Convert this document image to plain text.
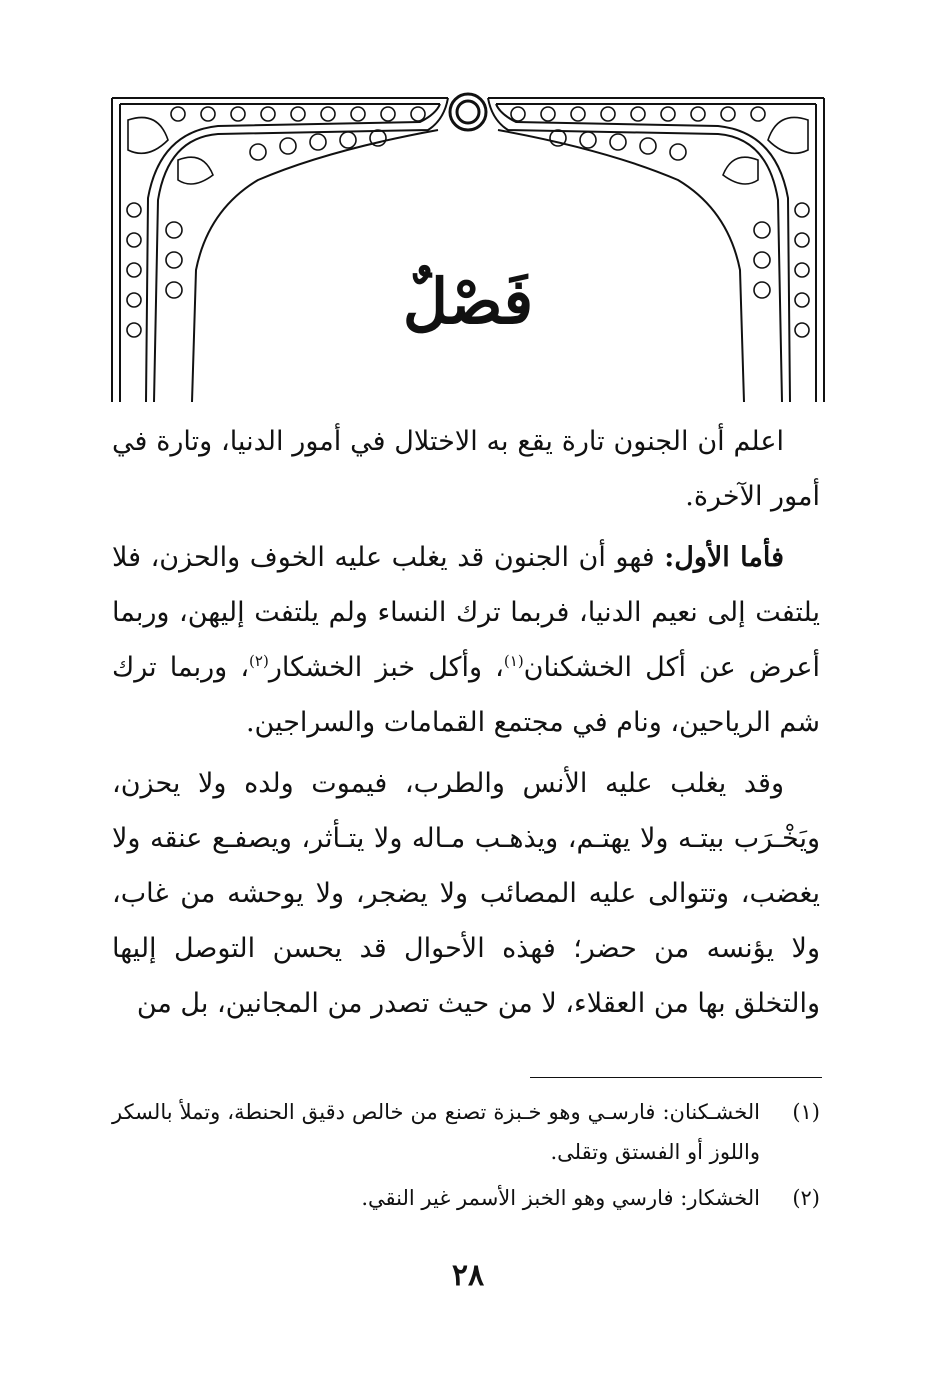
فَصْلٌ

اعلم أن الجنون تارة يقع به الاختلال في أمور الدنيا، وتارة في أمور الآخرة.

فأما الأول: فهو أن الجنون قد يغلب عليه الخوف والحزن، فلا يلتفت إلى نعيم الدنيا، فربما ترك النساء ولم يلتفت إليهن، وربما أعرض عن أكل الخشكنان$^{(١)}$، وأكل خبز الخشكار$^{(٢)}$، وربما ترك شم الرياحين، ونام في مجتمع القمامات والسراجين.

وقد يغلب عليه الأنس والطرب، فيموت ولده ولا يحزن، ويَخْـرَب بيتـه ولا يهتـم، ويذهـب مـاله ولا يتـأثر، ويصفـع عنقه ولا يغضب، وتتوالى عليه المصائب ولا يضجر، ولا يوحشه من غاب، ولا يؤنسه من حضر؛ فهذه الأحوال قد يحسن التوصل إليها والتخلق بها من العقلاء، لا من حيث تصدر من المجانين، بل من

(١)
الخشـكنان: فارسـي وهو خـبزة تصنع من خالص دقيق الحنطة، وتملأ بالسكر واللوز أو الفستق وتقلى.
(٢)
الخشكار: فارسي وهو الخبز الأسمر غير النقي.
٢٨
